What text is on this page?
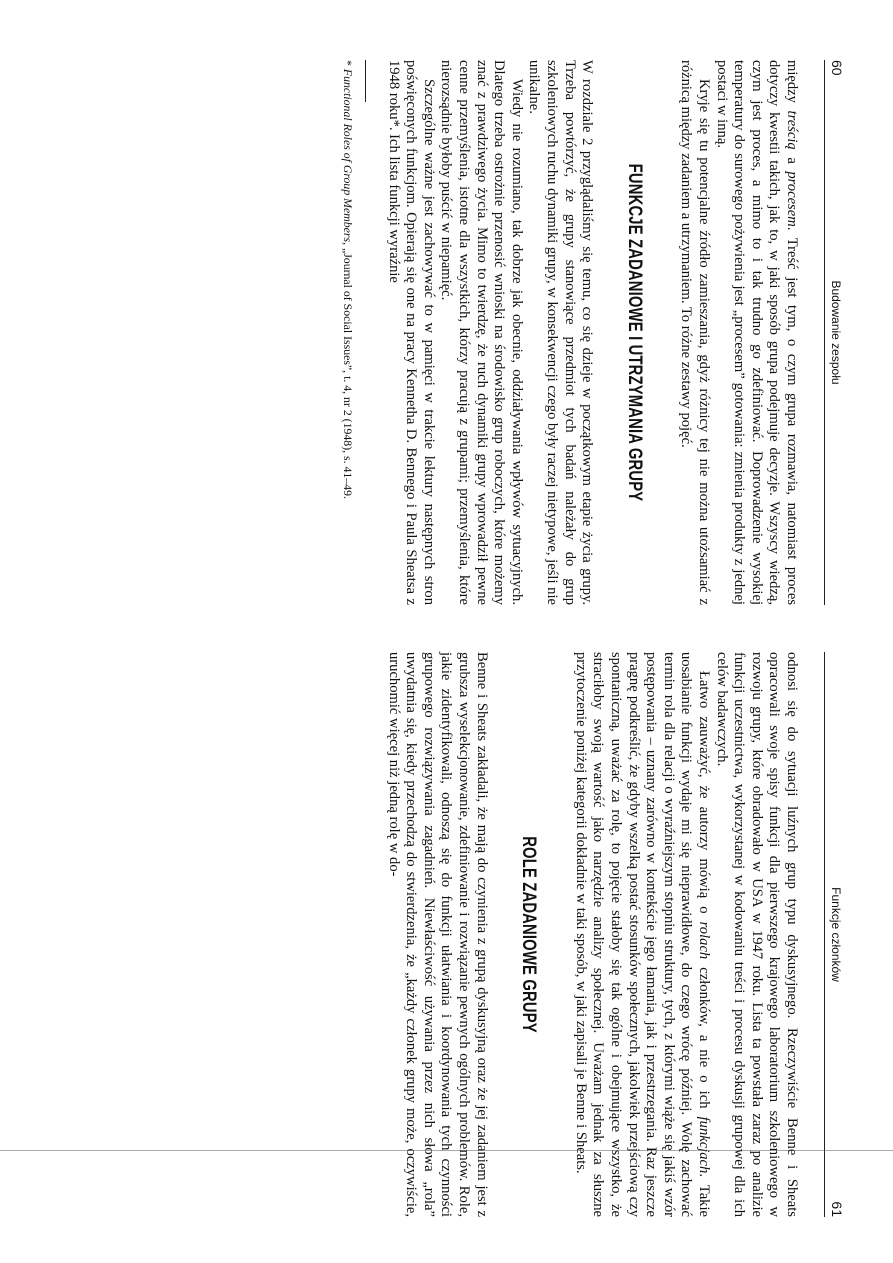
60
Budowanie zespołu

między treścią a procesem. Treść jest tym, o czym grupa rozmawia, natomiast proces dotyczy kwestii takich, jak to, w jaki sposób grupa podejmuje decyzje. Wszyscy wiedzą, czym jest proces, a mimo to i tak trudno go zdefiniować. Doprowadzenie wysokiej temperatury do surowego pożywienia jest „procesem” gotowania: zmienia produkty z jednej postaci w inną.

Kryje się tu potencjalne źródło zamieszania, gdyż różnicy tej nie można utożsamiać z różnicą między zadaniem a utrzymaniem. To różne zestawy pojęć.

FUNKCJE ZADANIOWE I UTRZYMANIA GRUPY

W rozdziale 2 przyglądaliśmy się temu, co się dzieje w początkowym etapie życia grupy. Trzeba powtórzyć, że grupy stanowiące przedmiot tych badań należały do grup szkoleniowych ruchu dynamiki grupy, w konsekwencji czego były raczej nietypowe, jeśli nie unikalne.

Wiedy nie rozumiano, tak dobrze jak obecnie, oddziaływania wpływów sytuacyjnych. Dlatego trzeba ostrożnie przenosić wnioski na środowisko grup roboczych, które możemy znać z prawdziwego życia. Mimo to twierdzę, że ruch dynamiki grupy wprowadził pewne cenne przemyślenia, istotne dla wszystkich, którzy pracują z grupami; przemyślenia, które nierozsądnie byłoby puścić w niepamięć.

Szczególne ważne jest zachowywać to w pamięci w trakcie lektury następnych stron poświęconych funkcjom. Opierają się one na pracy Kennetha D. Bennego i Paula Sheatsa z 1948 roku*. Ich lista funkcji wyraźnie

* Functional Roles of Group Members, „Journal of Social Issues”, t. 4, nr 2 (1948), s. 41–49.

Funkcje członków
61

odnosi się do sytuacji luźnych grup typu dyskusyjnego. Rzeczywiście Benne i Sheats opracowali swoje spisy funkcji dla pierwszego krajowego laboratorium szkoleniowego w rozwoju grupy, które obradowało w USA w 1947 roku. Lista ta powstała zaraz po analizie funkcji uczestnictwa, wykorzystanej w kodowaniu treści i procesu dyskusji grupowej dla ich celów badawczych.

Łatwo zauważyć, że autorzy mówią o rolach członków, a nie o ich funkcjach. Takie uosabianie funkcji wydaje mi się nieprawidłowe, do czego wrócę później. Wolę zachować termin rola dla relacji o wyraźniejszym stopniu struktury, tych, z którymi wiąże się jakiś wzór postępowania – uznany zarówno w kontekście jego łamania, jak i przestrzegania. Raz jeszcze pragnę podkreślić, że gdyby wszelką postać stosunków społecznych, jakolwiek przejściową czy spontaniczną, uważać za rolę, to pojęcie stałoby się tak ogólne i obejmujące wszystko, że straciłoby swoją wartość jako narzędzie analizy społecznej. Uważam jednak za słuszne przytoczenie poniżej kategorii dokładnie w taki sposób, w jaki zapisali je Benne i Sheats.

ROLE ZADANIOWE GRUPY

Benne i Sheats zakładali, że mają do czynienia z grupą dyskusyjną oraz że jej zadaniem jest z grubsza wyselekcjonowanie, zdefiniowanie i rozwiązanie pewnych ogólnych problemów. Role, jakie zidentyfikowali, odnoszą się do funkcji ułatwiania i koordynowania tych czynności grupowego rozwiązywania zagadnień. Niewłaściwość używania przez nich słowa „rola” uwydatnia się, kiedy przechodzą do stwierdzenia, że „każdy członek grupy może, oczywiście, uruchomić więcej niż jedną rolę w do-
